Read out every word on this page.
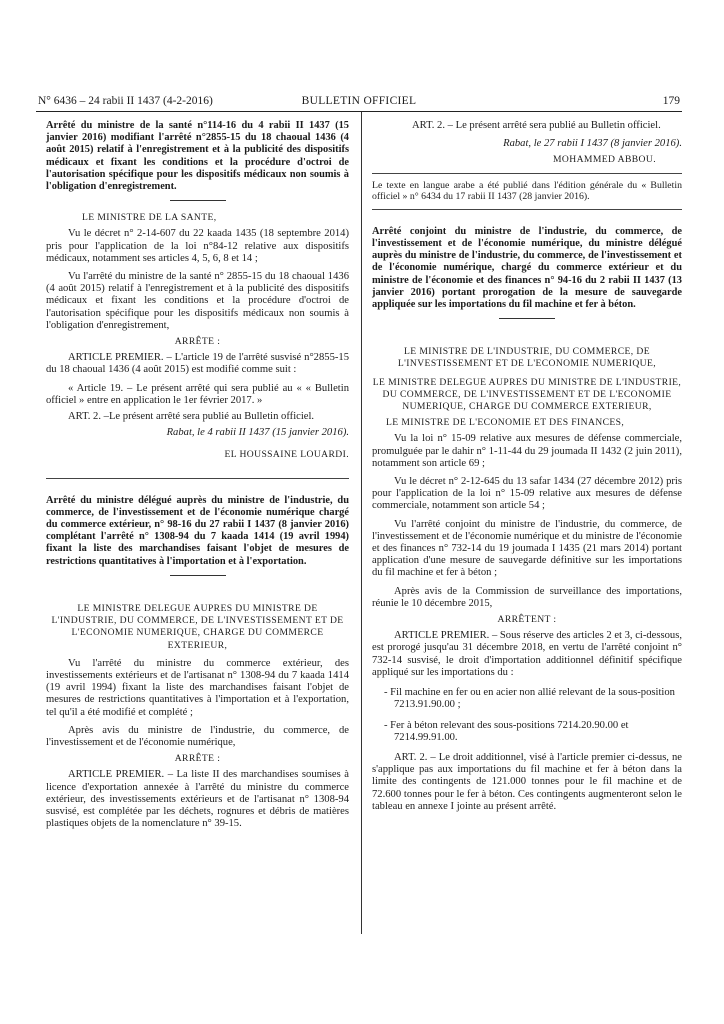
N° 6436 – 24 rabii II 1437 (4-2-2016)	BULLETIN OFFICIEL	179

Arrêté du ministre de la santé n°114-16 du 4 rabii II 1437 (15 janvier 2016) modifiant l'arrêté n°2855-15 du 18 chaoual 1436 (4 août 2015) relatif à l'enregistrement et à la publicité des dispositifs médicaux et fixant les conditions et la procédure d'octroi de l'autorisation spécifique pour les dispositifs médicaux non soumis à l'obligation d'enregistrement.

LE MINISTRE DE LA SANTE,

Vu le décret n° 2-14-607 du 22 kaada 1435 (18 septembre 2014) pris pour l'application de la loi n°84-12 relative aux dispositifs médicaux, notamment ses articles 4, 5, 6, 8 et 14 ;

Vu l'arrêté du ministre de la santé n° 2855-15 du 18 chaoual 1436 (4 août 2015) relatif à l'enregistrement et à la publicité des dispositifs médicaux et fixant les conditions et la procédure d'octroi de l'autorisation spécifique pour les dispositifs médicaux non soumis à l'obligation d'enregistrement,

ARRÊTE :

ARTICLE PREMIER. – L'article 19 de l'arrêté susvisé n°2855-15 du 18 chaoual 1436 (4 août 2015) est modifié comme suit :

« Article 19. – Le présent arrêté qui sera publié au « « Bulletin officiel » entre en application le 1er février 2017. »

ART. 2. –Le présent arrêté sera publié au Bulletin officiel.

Rabat, le 4 rabii II 1437 (15 janvier 2016).

EL HOUSSAINE LOUARDI.

Arrêté du ministre délégué auprès du ministre de l'industrie, du commerce, de l'investissement et de l'économie numérique chargé du commerce extérieur, n° 98-16 du 27 rabii I 1437 (8 janvier 2016) complétant l'arrêté n° 1308-94 du 7 kaada 1414 (19 avril 1994) fixant la liste des marchandises faisant l'objet de mesures de restrictions quantitatives à l'importation et à l'exportation.

LE MINISTRE DELEGUE AUPRES DU MINISTRE DE L'INDUSTRIE, DU COMMERCE, DE L'INVESTISSEMENT ET DE L'ECONOMIE NUMERIQUE, CHARGE DU COMMERCE EXTERIEUR,

Vu l'arrêté du ministre du commerce extérieur, des investissements extérieurs et de l'artisanat n° 1308-94 du 7 kaada 1414 (19 avril 1994) fixant la liste des marchandises faisant l'objet de mesures de restrictions quantitatives à l'importation et à l'exportation, tel qu'il a été modifié et complété ;

Après avis du ministre de l'industrie, du commerce, de l'investissement et de l'économie numérique,

ARRÊTE :

ARTICLE PREMIER. – La liste II des marchandises soumises à licence d'exportation annexée à l'arrêté du ministre du commerce extérieur, des investissements extérieurs et de l'artisanat n° 1308-94 susvisé, est complétée par les déchets, rognures et débris de matières plastiques objets de la nomenclature n° 39-15.

ART. 2. – Le présent arrêté sera publié au Bulletin officiel.

Rabat, le 27 rabii I 1437 (8 janvier 2016).

MOHAMMED ABBOU.

Le texte en langue arabe a été publié dans l'édition générale du « Bulletin officiel » n° 6434 du 17 rabii II 1437 (28 janvier 2016).

Arrêté conjoint du ministre de l'industrie, du commerce, de l'investissement et de l'économie numérique, du ministre délégué auprès du ministre de l'industrie, du commerce, de l'investissement et de l'économie numérique, chargé du commerce extérieur et du ministre de l'économie et des finances n° 94-16 du 2 rabii II 1437 (13 janvier 2016) portant prorogation de la mesure de sauvegarde appliquée sur les importations du fil machine et fer à béton.

LE MINISTRE DE L'INDUSTRIE, DU COMMERCE, DE L'INVESTISSEMENT ET DE L'ECONOMIE NUMERIQUE,

LE MINISTRE DELEGUE AUPRES DU MINISTRE DE L'INDUSTRIE, DU COMMERCE, DE L'INVESTISSEMENT ET DE L'ECONOMIE NUMERIQUE, CHARGE DU COMMERCE EXTERIEUR,

LE MINISTRE DE L'ECONOMIE ET DES FINANCES,

Vu la loi n° 15-09 relative aux mesures de défense commerciale, promulguée par le dahir n° 1-11-44 du 29 joumada II 1432 (2 juin 2011), notamment son article 69 ;

Vu le décret n° 2-12-645 du 13 safar 1434 (27 décembre 2012) pris pour l'application de la loi n° 15-09 relative aux mesures de défense commerciale, notamment son article 54 ;

Vu l'arrêté conjoint du ministre de l'industrie, du commerce, de l'investissement et de l'économie numérique et du ministre de l'économie et des finances n° 732-14 du 19 joumada I 1435 (21 mars 2014) portant application d'une mesure de sauvegarde définitive sur les importations du fil machine et fer à béton ;

Après avis de la Commission de surveillance des importations, réunie le 10 décembre 2015,

ARRÊTENT :

ARTICLE PREMIER. – Sous réserve des articles 2 et 3, ci-dessous, est prorogé jusqu'au 31 décembre 2018, en vertu de l'arrêté conjoint n° 732-14 susvisé, le droit d'importation additionnel définitif spécifique appliqué sur les importations du :

- Fil machine en fer ou en acier non allié relevant de la sous-position 7213.91.90.00 ;

- Fer à béton relevant des sous-positions 7214.20.90.00 et 7214.99.91.00.

ART. 2. – Le droit additionnel, visé à l'article premier ci-dessus, ne s'applique pas aux importations du fil machine et fer à béton dans la limite des contingents de 121.000 tonnes pour le fil machine et de 72.600 tonnes pour le fer à béton. Ces contingents augmenteront selon le tableau en annexe I jointe au présent arrêté.
